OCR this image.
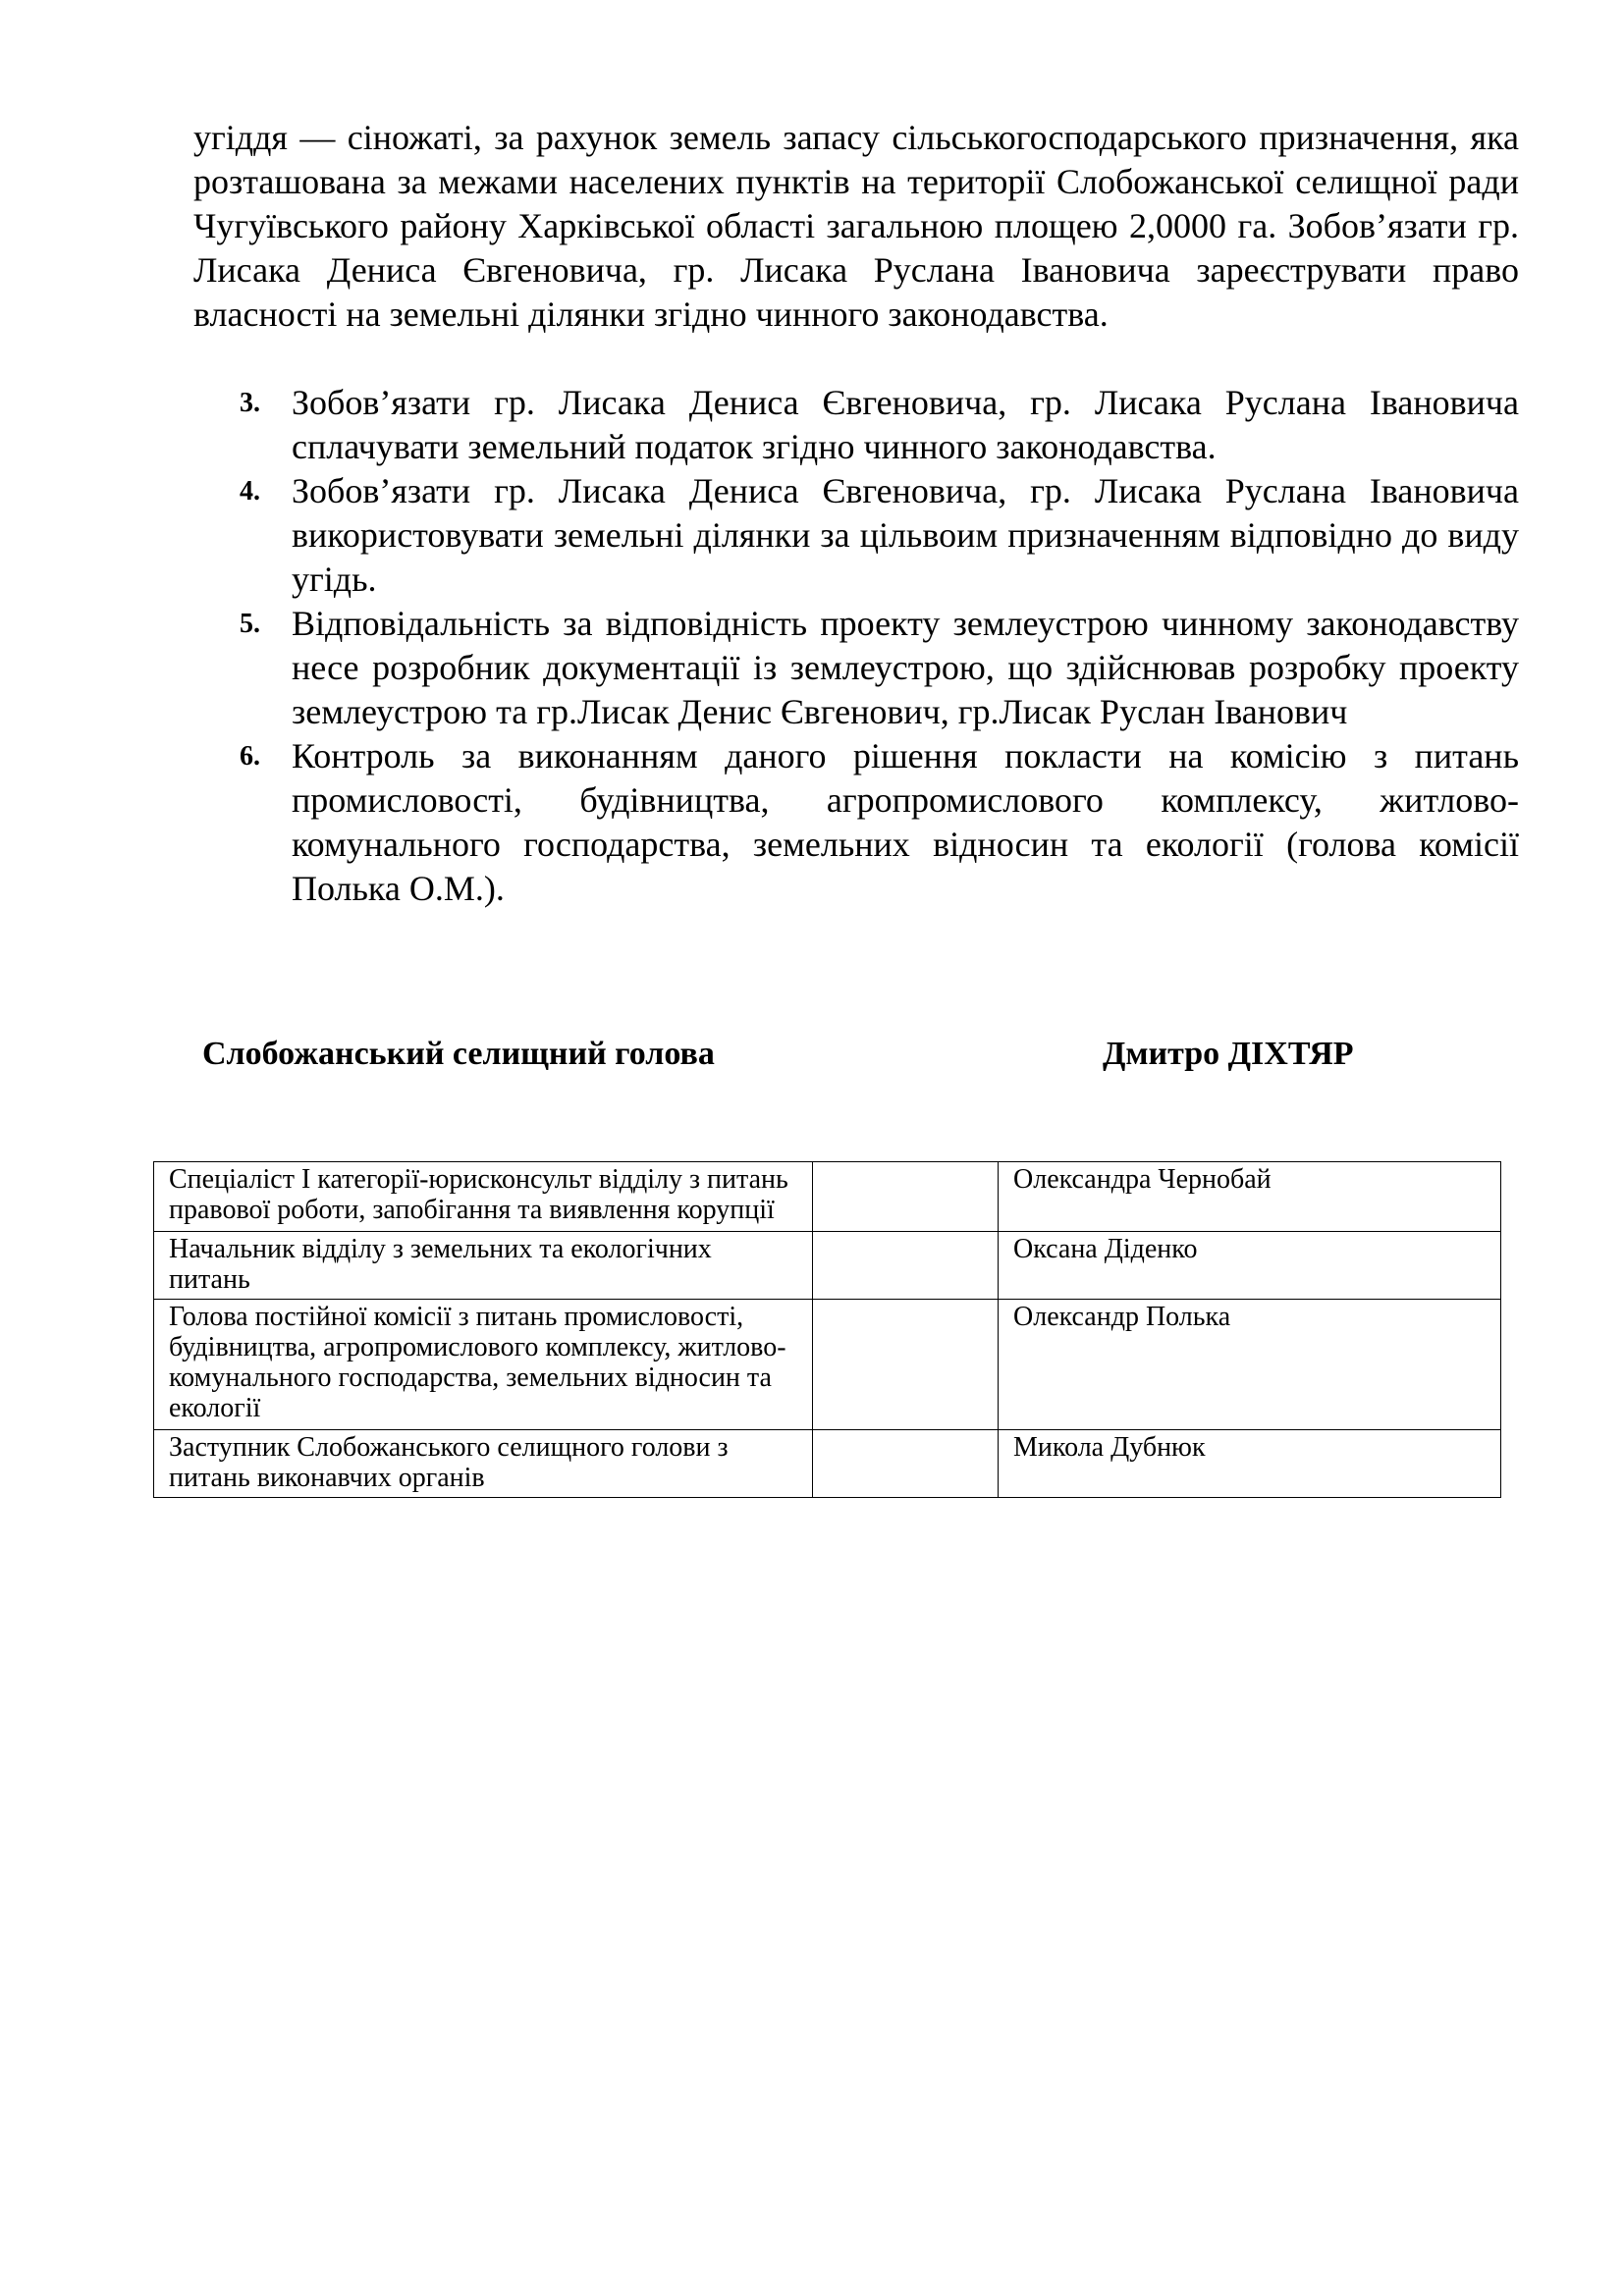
угіддя — сіножаті, за рахунок земель запасу сільськогосподарського призначення, яка розташована за межами населених пунктів на території Слобожанської селищної ради Чугуївського району Харківської області загальною площею 2,0000 га. Зобов’язати гр. Лисака Дениса Євгеновича, гр. Лисака Руслана Івановича зареєструвати право власності на земельні ділянки згідно чинного законодавства.

3. Зобов’язати гр. Лисака Дениса Євгеновича, гр. Лисака Руслана Івановича сплачувати земельний податок згідно чинного законодавства.
4. Зобов’язати гр. Лисака Дениса Євгеновича, гр. Лисака Руслана Івановича використовувати земельні ділянки за цільвоим призначенням відповідно до виду угідь.
5. Відповідальність за відповідність проекту землеустрою чинному законодавству несе розробник документації із землеустрою, що здійснював розробку проекту землеустрою та гр.Лисак Денис Євгенович, гр.Лисак Руслан Іванович
6. Контроль за виконанням даного рішення покласти на комісію з питань промисловості, будівництва, агропромислового комплексу, житлово-комунального господарства, земельних відносин та екології (голова комісії Полька О.М.).
Слобожанський селищний голова	Дмитро ДІХТЯР
Спеціаліст І категорії-юрисконсульт відділу з питань правової роботи, запобігання та виявлення корупції		Олександра Чернобай
Начальник відділу з земельних та екологічних питань		Оксана Діденко
Голова постійної комісії з питань промисловості, будівництва, агропромислового комплексу, житлово-комунального господарства, земельних відносин та екології		Олександр Полька
Заступник Слобожанського селищного голови з питань виконавчих органів		Микола Дубнюк
